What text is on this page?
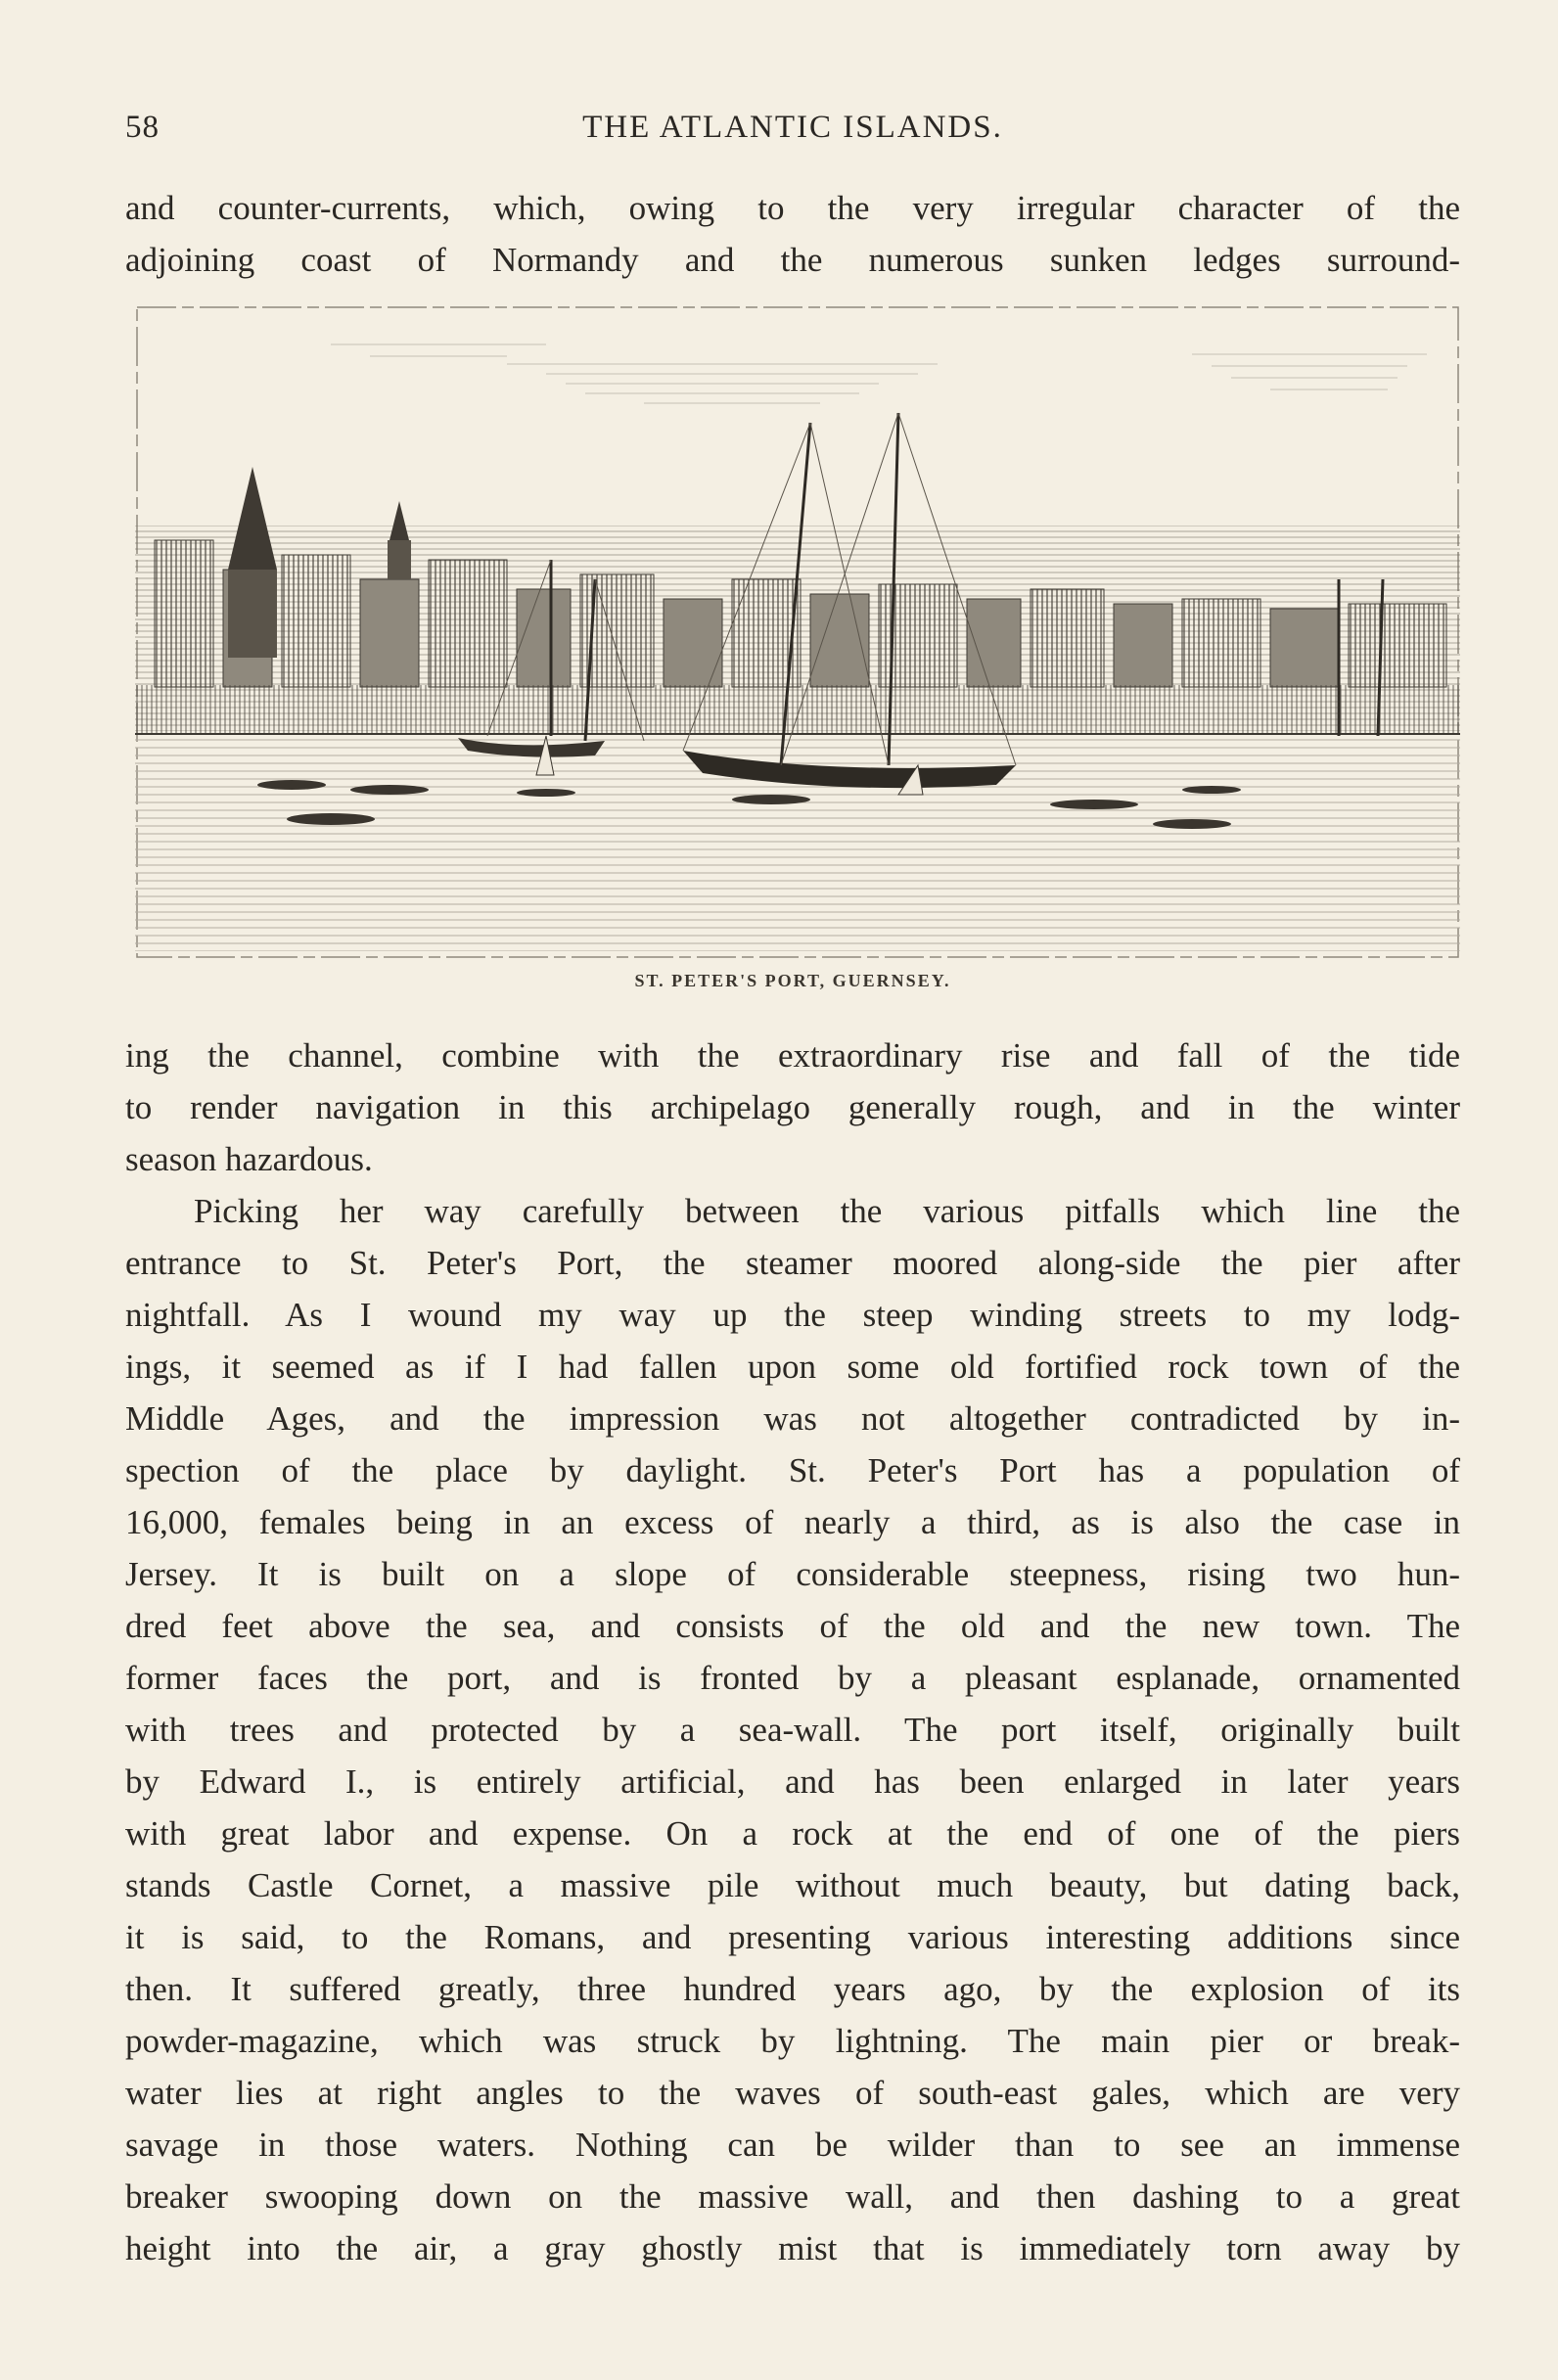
58	THE ATLANTIC ISLANDS.

and counter-currents, which, owing to the very irregular character of the
adjoining coast of Normandy and the numerous sunken ledges surround-

ST. PETER'S PORT, GUERNSEY.

ing the channel, combine with the extraordinary rise and fall of the tide
to render navigation in this archipelago generally rough, and in the winter
season hazardous.

Picking her way carefully between the various pitfalls which line the
entrance to St. Peter's Port, the steamer moored along-side the pier after
nightfall. As I wound my way up the steep winding streets to my lodg-
ings, it seemed as if I had fallen upon some old fortified rock town of the
Middle Ages, and the impression was not altogether contradicted by in-
spection of the place by daylight. St. Peter's Port has a population of
16,000, females being in an excess of nearly a third, as is also the case in
Jersey. It is built on a slope of considerable steepness, rising two hun-
dred feet above the sea, and consists of the old and the new town. The
former faces the port, and is fronted by a pleasant esplanade, ornamented
with trees and protected by a sea-wall. The port itself, originally built
by Edward I., is entirely artificial, and has been enlarged in later years
with great labor and expense. On a rock at the end of one of the piers
stands Castle Cornet, a massive pile without much beauty, but dating back,
it is said, to the Romans, and presenting various interesting additions since
then. It suffered greatly, three hundred years ago, by the explosion of its
powder-magazine, which was struck by lightning. The main pier or break-
water lies at right angles to the waves of south-east gales, which are very
savage in those waters. Nothing can be wilder than to see an immense
breaker swooping down on the massive wall, and then dashing to a great
height into the air, a gray ghostly mist that is immediately torn away by
